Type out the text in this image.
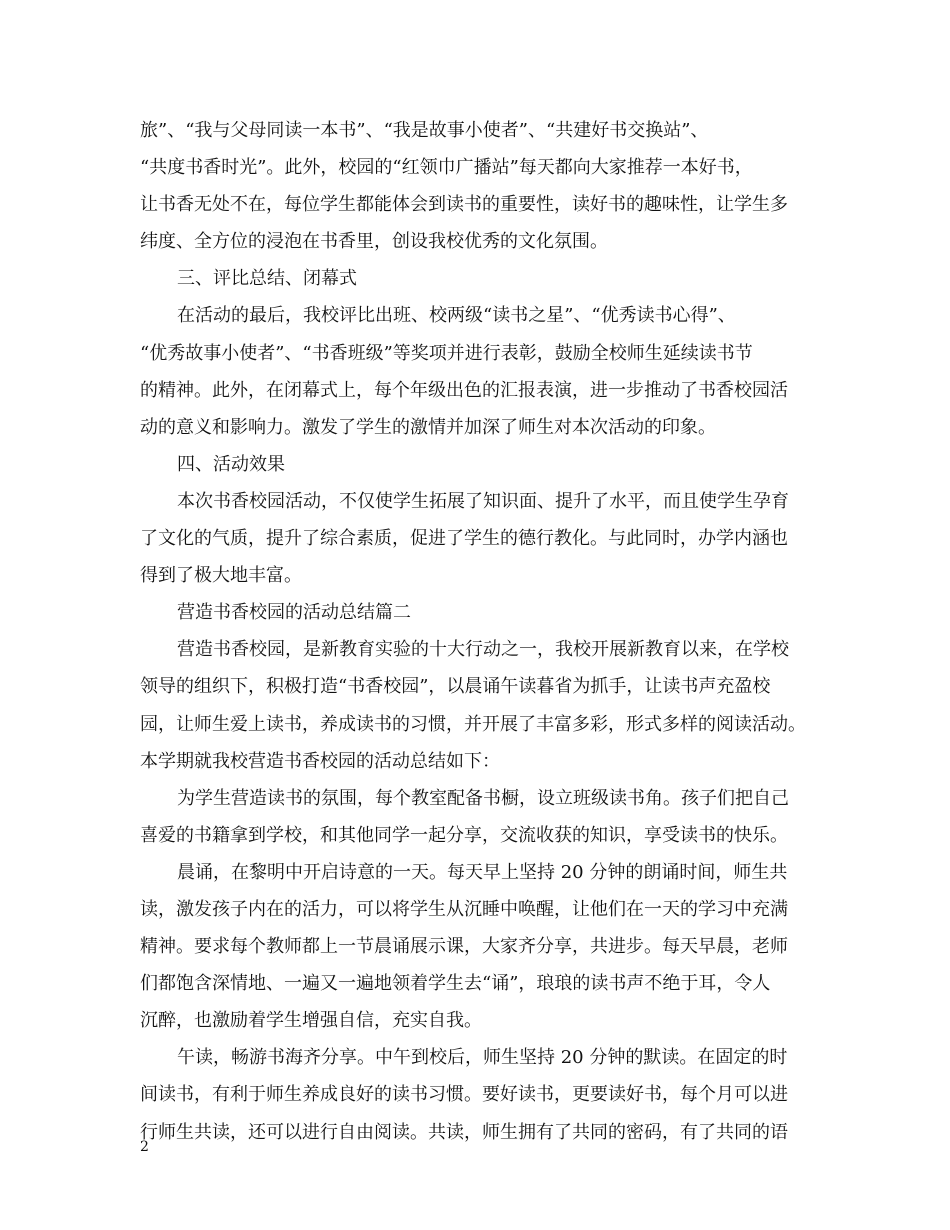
旅”、“我与父母同读一本书”、“我是故事小使者”、“共建好书交换站”、
“共度书香时光”。此外，校园的“红领巾广播站”每天都向大家推荐一本好书，
让书香无处不在，每位学生都能体会到读书的重要性，读好书的趣味性，让学生多
纬度、全方位的浸泡在书香里，创设我校优秀的文化氛围。
三、评比总结、闭幕式
在活动的最后，我校评比出班、校两级“读书之星”、“优秀读书心得”、
“优秀故事小使者”、“书香班级”等奖项并进行表彰，鼓励全校师生延续读书节
的精神。此外，在闭幕式上，每个年级出色的汇报表演，进一步推动了书香校园活
动的意义和影响力。激发了学生的激情并加深了师生对本次活动的印象。
四、活动效果
本次书香校园活动，不仅使学生拓展了知识面、提升了水平，而且使学生孕育
了文化的气质，提升了综合素质，促进了学生的德行教化。与此同时，办学内涵也
得到了极大地丰富。
营造书香校园的活动总结篇二
营造书香校园，是新教育实验的十大行动之一，我校开展新教育以来，在学校
领导的组织下，积极打造“书香校园”，以晨诵午读暮省为抓手，让读书声充盈校
园，让师生爱上读书，养成读书的习惯，并开展了丰富多彩，形式多样的阅读活动。
本学期就我校营造书香校园的活动总结如下：
为学生营造读书的氛围，每个教室配备书橱，设立班级读书角。孩子们把自己
喜爱的书籍拿到学校，和其他同学一起分享，交流收获的知识，享受读书的快乐。
晨诵，在黎明中开启诗意的一天。每天早上坚持 20 分钟的朗诵时间，师生共
读，激发孩子内在的活力，可以将学生从沉睡中唤醒，让他们在一天的学习中充满
精神。要求每个教师都上一节晨诵展示课，大家齐分享，共进步。每天早晨，老师
们都饱含深情地、一遍又一遍地领着学生去“诵”，琅琅的读书声不绝于耳，令人
沉醉，也激励着学生增强自信，充实自我。
午读，畅游书海齐分享。中午到校后，师生坚持 20 分钟的默读。在固定的时
间读书，有利于师生养成良好的读书习惯。要好读书，更要读好书，每个月可以进
行师生共读，还可以进行自由阅读。共读，师生拥有了共同的密码，有了共同的语
2
